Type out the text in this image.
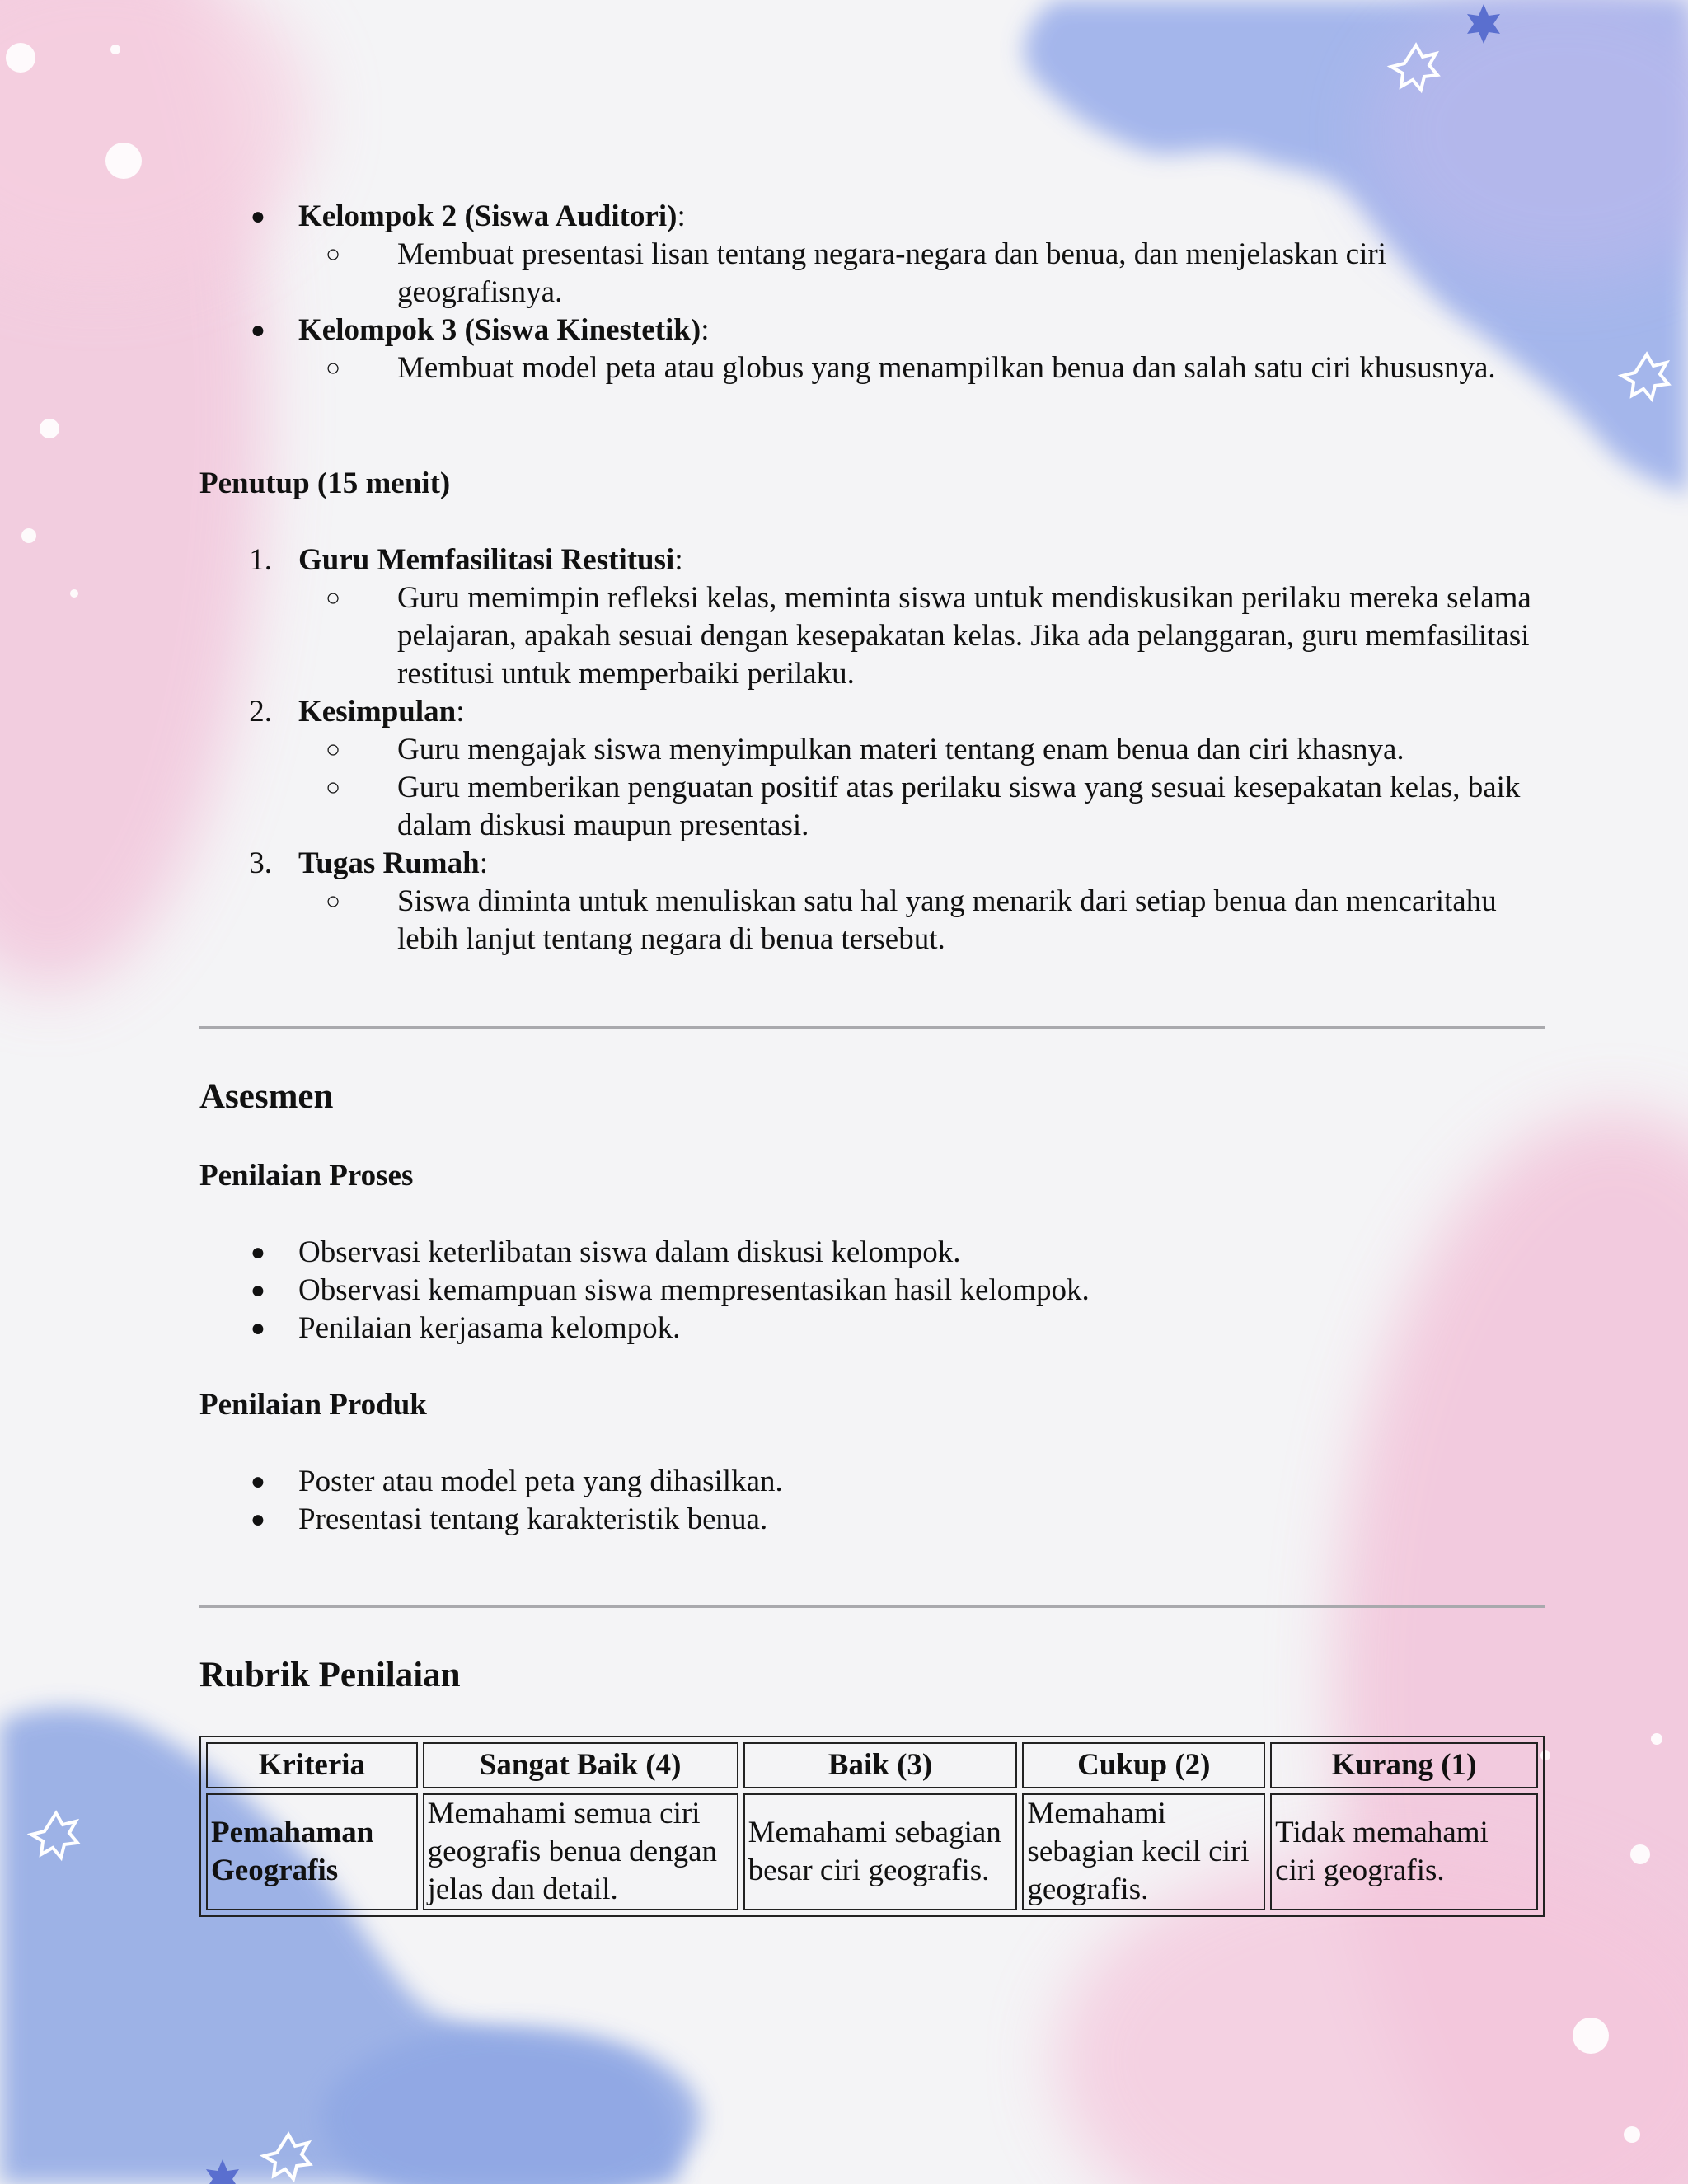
● Kelompok 2 (Siswa Auditori):
○	Membuat presentasi lisan tentang negara-negara dan benua, dan menjelaskan ciri geografisnya.
● Kelompok 3 (Siswa Kinestetik):
○	Membuat model peta atau globus yang menampilkan benua dan salah satu ciri khususnya.
Penutup (15 menit)
1. Guru Memfasilitasi Restitusi:
○	Guru memimpin refleksi kelas, meminta siswa untuk mendiskusikan perilaku mereka selama pelajaran, apakah sesuai dengan kesepakatan kelas. Jika ada pelanggaran, guru memfasilitasi restitusi untuk memperbaiki perilaku.
2. Kesimpulan:
○	Guru mengajak siswa menyimpulkan materi tentang enam benua dan ciri khasnya.
○	Guru memberikan penguatan positif atas perilaku siswa yang sesuai kesepakatan kelas, baik dalam diskusi maupun presentasi.
3. Tugas Rumah:
○	Siswa diminta untuk menuliskan satu hal yang menarik dari setiap benua dan mencaritahu lebih lanjut tentang negara di benua tersebut.
Asesmen
Penilaian Proses
● Observasi keterlibatan siswa dalam diskusi kelompok.
● Observasi kemampuan siswa mempresentasikan hasil kelompok.
● Penilaian kerjasama kelompok.
Penilaian Produk
● Poster atau model peta yang dihasilkan.
● Presentasi tentang karakteristik benua.
Rubrik Penilaian
Kriteria	Sangat Baik (4)	Baik (3)	Cukup (2)	Kurang (1)
Pemahaman Geografis	Memahami semua ciri geografis benua dengan jelas dan detail.	Memahami sebagian besar ciri geografis.	Memahami sebagian kecil ciri geografis.	Tidak memahami ciri geografis.
